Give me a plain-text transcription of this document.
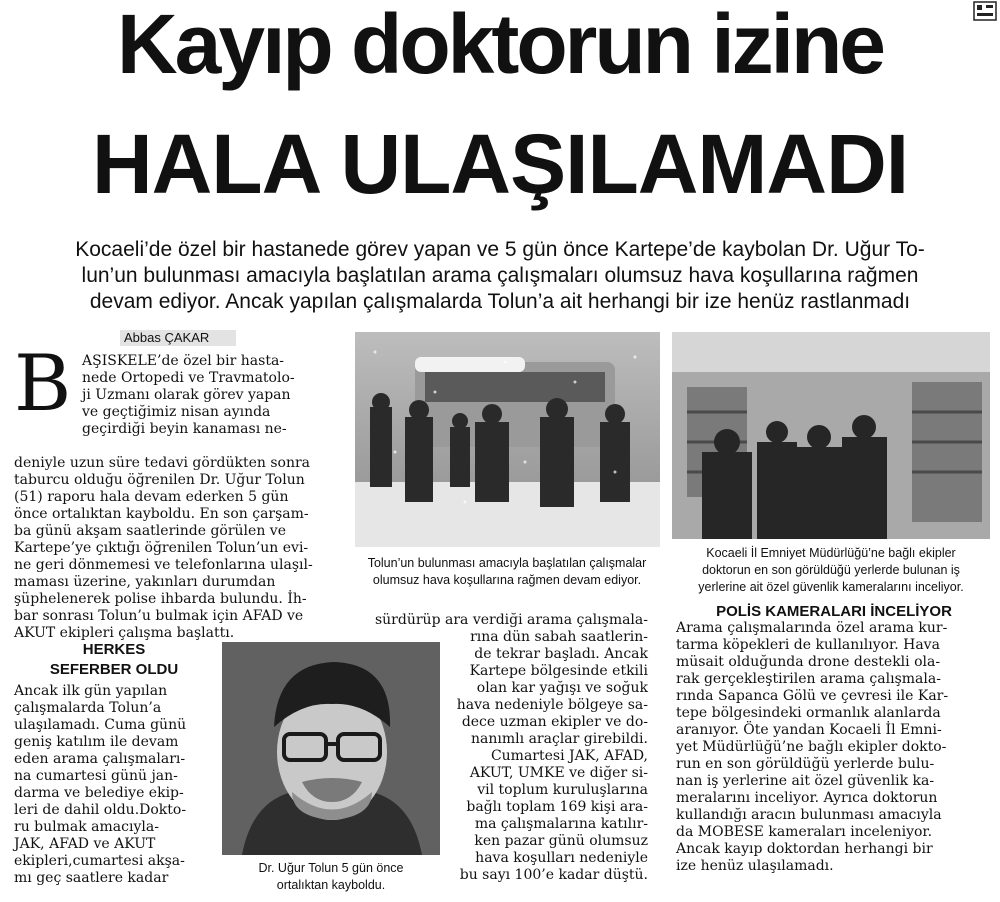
Kayıp doktorun izine
HALA ULAŞILAMADI
Kocaeli’de özel bir hastanede görev yapan ve 5 gün önce Kartepe’de kaybolan Dr. Uğur To-
lun’un bulunması amacıyla başlatılan arama çalışmaları olumsuz hava koşullarına rağmen
devam ediyor. Ancak yapılan çalışmalarda Tolun’a ait herhangi bir ize henüz rastlanmadı
Abbas ÇAKAR
B AŞISKELE’de özel bir hasta-
nede Ortopedi ve Travmatolo-
ji Uzmanı olarak görev yapan
ve geçtiğimiz nisan ayında
geçirdiği beyin kanaması ne-
deniyle uzun süre tedavi gördükten sonra
taburcu olduğu öğrenilen Dr. Uğur Tolun
(51) raporu hala devam ederken 5 gün
önce ortalıktan kayboldu. En son çarşam-
ba günü akşam saatlerinde görülen ve
Kartepe’ye çıktığı öğrenilen Tolun’un evi-
ne geri dönmemesi ve telefonlarına ulaşıl-
maması üzerine, yakınları durumdan
şüphelenerek polise ihbarda bulundu. İh-
bar sonrası Tolun’u bulmak için AFAD ve
AKUT ekipleri çalışma başlattı.
HERKES
SEFERBER OLDU
Ancak ilk gün yapılan
çalışmalarda Tolun’a
ulaşılamadı. Cuma günü
geniş katılım ile devam
eden arama çalışmaları-
na cumartesi günü jan-
darma ve belediye ekip-
leri de dahil oldu.Dokto-
ru bulmak amacıyla-
JAK, AFAD ve AKUT
ekipleri,cumartesi akşa-
mı geç saatlere kadar
sürdürüp ara verdiği arama çalışmala-
rına dün sabah saatlerin-
de tekrar başladı. Ancak
Kartepe bölgesinde etkili
olan kar yağışı ve soğuk
hava nedeniyle bölgeye sa-
dece uzman ekipler ve do-
nanımlı araçlar girebildi.
Cumartesi JAK, AFAD,
AKUT, UMKE ve diğer si-
vil toplum kuruluşlarına
bağlı toplam 169 kişi ara-
ma çalışmalarına katılır-
ken pazar günü olumsuz
hava koşulları nedeniyle
bu sayı 100’e kadar düştü.
POLİS KAMERALARI İNCELİYOR
Arama çalışmalarında özel arama kur-
tarma köpekleri de kullanılıyor. Hava
müsait olduğunda drone destekli ola-
rak gerçekleştirilen arama çalışmala-
rında Sapanca Gölü ve çevresi ile Kar-
tepe bölgesindeki ormanlık alanlarda
aranıyor. Öte yandan Kocaeli İl Emni-
yet Müdürlüğü’ne bağlı ekipler dokto-
run en son görüldüğü yerlerde bulu-
nan iş yerlerine ait özel güvenlik ka-
meralarını inceliyor. Ayrıca doktorun
kullandığı aracın bulunması amacıyla
da MOBESE kameraları inceleniyor.
Ancak kayıp doktordan herhangi bir
ize henüz ulaşılamadı.
Tolun’un bulunması amacıyla başlatılan çalışmalar
olumsuz hava koşullarına rağmen devam ediyor.
Kocaeli İl Emniyet Müdürlüğü’ne bağlı ekipler
doktorun en son görüldüğü yerlerde bulunan iş
yerlerine ait özel güvenlik kameralarını inceliyor.
Dr. Uğur Tolun 5 gün önce
ortalıktan kayboldu.
